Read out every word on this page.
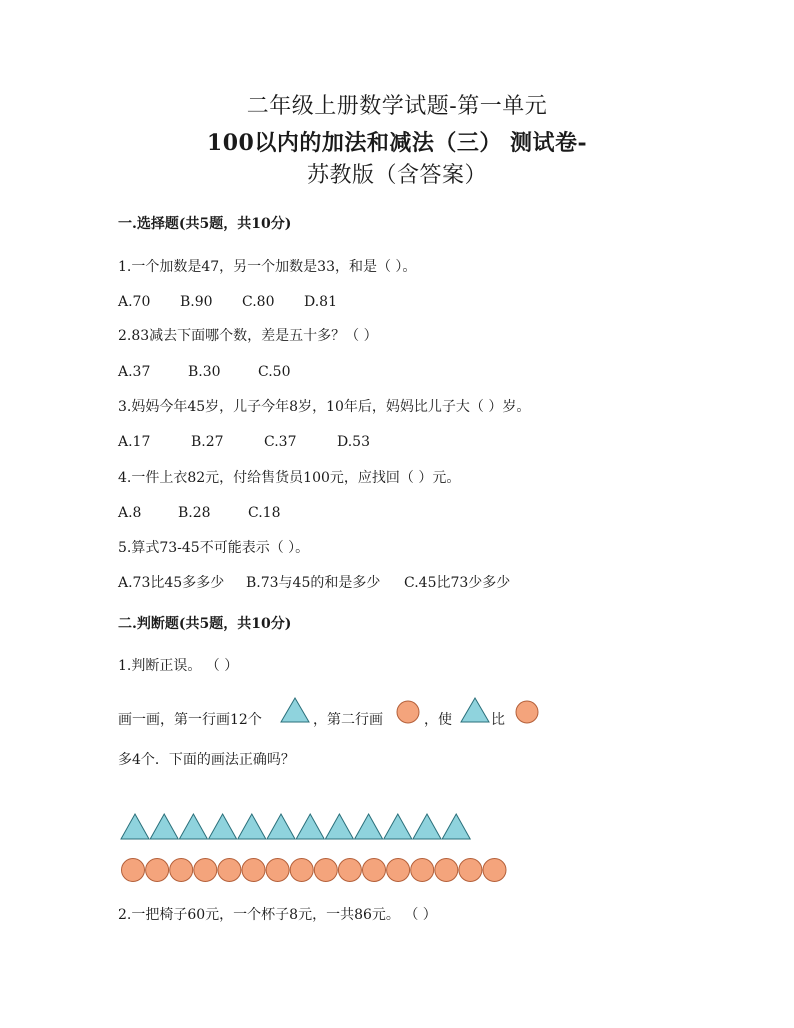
二年级上册数学试题-第一单元
100以内的加法和减法（三） 测试卷-
苏教版（含答案）
一.选择题(共5题，共10分)
1.一个加数是47，另一个加数是33，和是（ ）。
A.70 B.90 C.80 D.81
2.83减去下面哪个数，差是五十多？（ ）
A.37	B.30	C.50
3.妈妈今年45岁，儿子今年8岁，10年后，妈妈比儿子大（ ）岁。
A.17	B.27	C.37	D.53
4.一件上衣82元，付给售货员100元，应找回（ ）元。
A.8	B.28	C.18
5.算式73-45不可能表示（ ）。
A.73比45多多少 B.73与45的和是多少 C.45比73少多少
二.判断题(共5题，共10分)
1.判断正误。 （ ）
画一画，第一行画12个	，第二行画	，使	比
多4个．下面的画法正确吗？
2.一把椅子60元，一个杯子8元，一共86元。 （ ）
